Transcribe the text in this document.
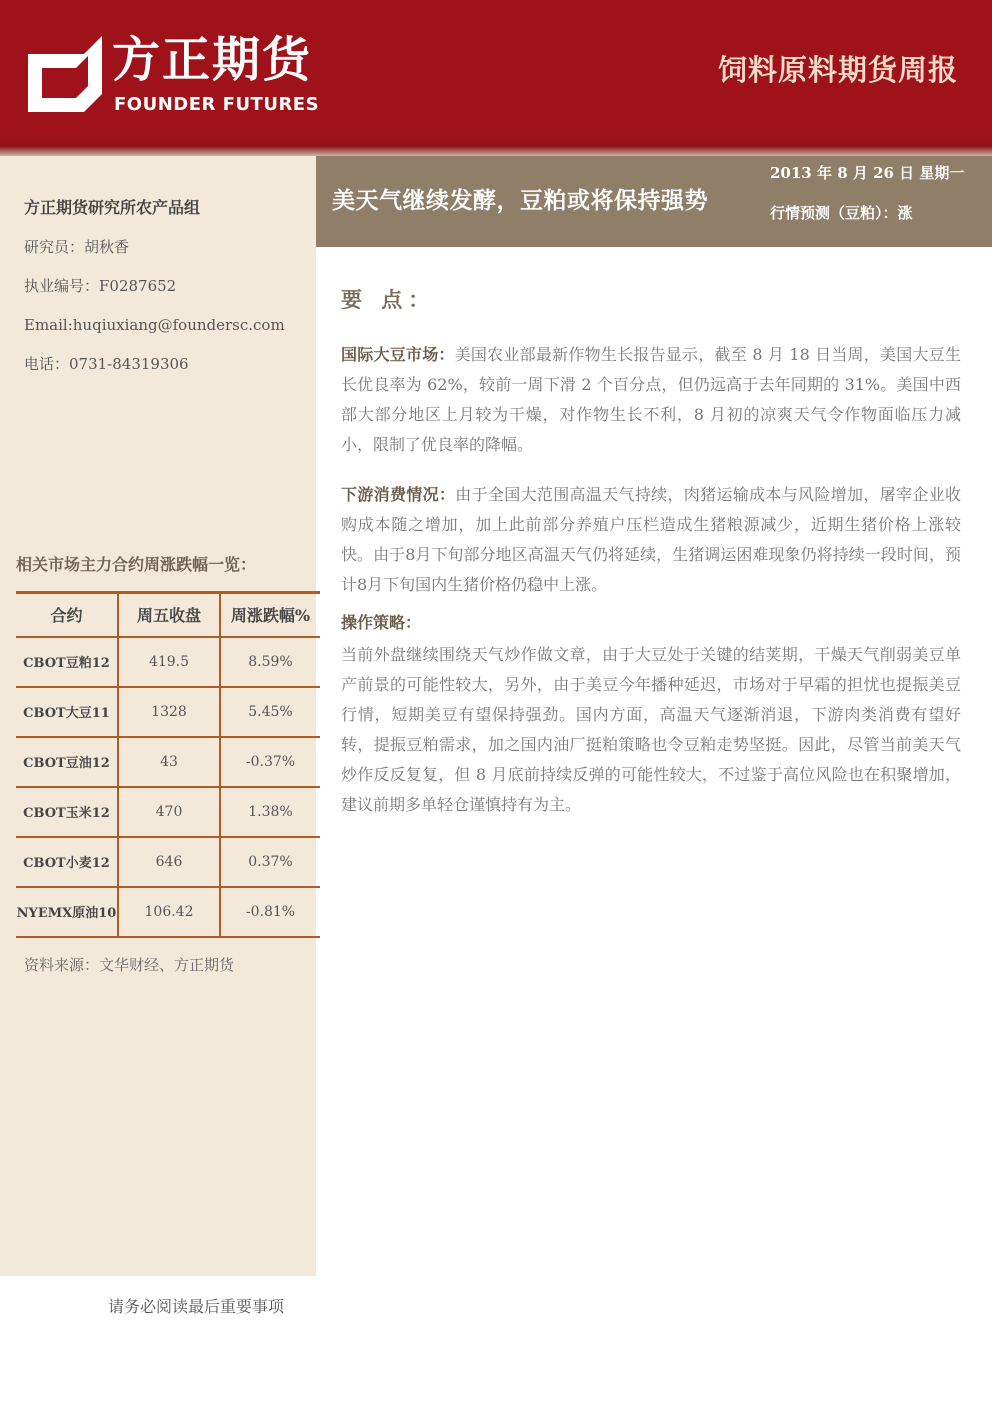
方正期货
FOUNDER FUTURES
饲料原料期货周报
方正期货研究所农产品组
研究员：胡秋香
执业编号：F0287652
Email:huqiuxiang@foundersc.com
电话：0731-84319306
相关市场主力合约周涨跌幅一览：
合约	周五收盘	周涨跌幅%
CBOT豆粕12	419.5	8.59%
CBOT大豆11	1328	5.45%
CBOT豆油12	43	-0.37%
CBOT玉米12	470	1.38%
CBOT小麦12	646	0.37%
NYEMX原油10	106.42	-0.81%
资料来源：文华财经、方正期货
请务必阅读最后重要事项
美天气继续发酵，豆粕或将保持强势
2013 年 8 月 26 日 星期一
行情预测（豆粕）：涨
要 点：

国际大豆市场：美国农业部最新作物生长报告显示，截至 8 月 18 日当周，美国大豆生长优良率为 62%，较前一周下滑 2 个百分点，但仍远高于去年同期的 31%。美国中西部大部分地区上月较为干燥，对作物生长不利，8 月初的凉爽天气令作物面临压力减小，限制了优良率的降幅。

下游消费情况：由于全国大范围高温天气持续，肉猪运输成本与风险增加，屠宰企业收购成本随之增加，加上此前部分养殖户压栏造成生猪粮源减少，近期生猪价格上涨较快。由于8月下旬部分地区高温天气仍将延续，生猪调运困难现象仍将持续一段时间，预计8月下旬国内生猪价格仍稳中上涨。

操作策略：

当前外盘继续围绕天气炒作做文章，由于大豆处于关键的结荚期，干燥天气削弱美豆单产前景的可能性较大，另外，由于美豆今年播种延迟，市场对于早霜的担忧也提振美豆行情，短期美豆有望保持强劲。国内方面，高温天气逐渐消退，下游肉类消费有望好转，提振豆粕需求，加之国内油厂挺粕策略也令豆粕走势坚挺。因此，尽管当前美天气炒作反反复复，但 8 月底前持续反弹的可能性较大，不过鉴于高位风险也在积聚增加，建议前期多单轻仓谨慎持有为主。
